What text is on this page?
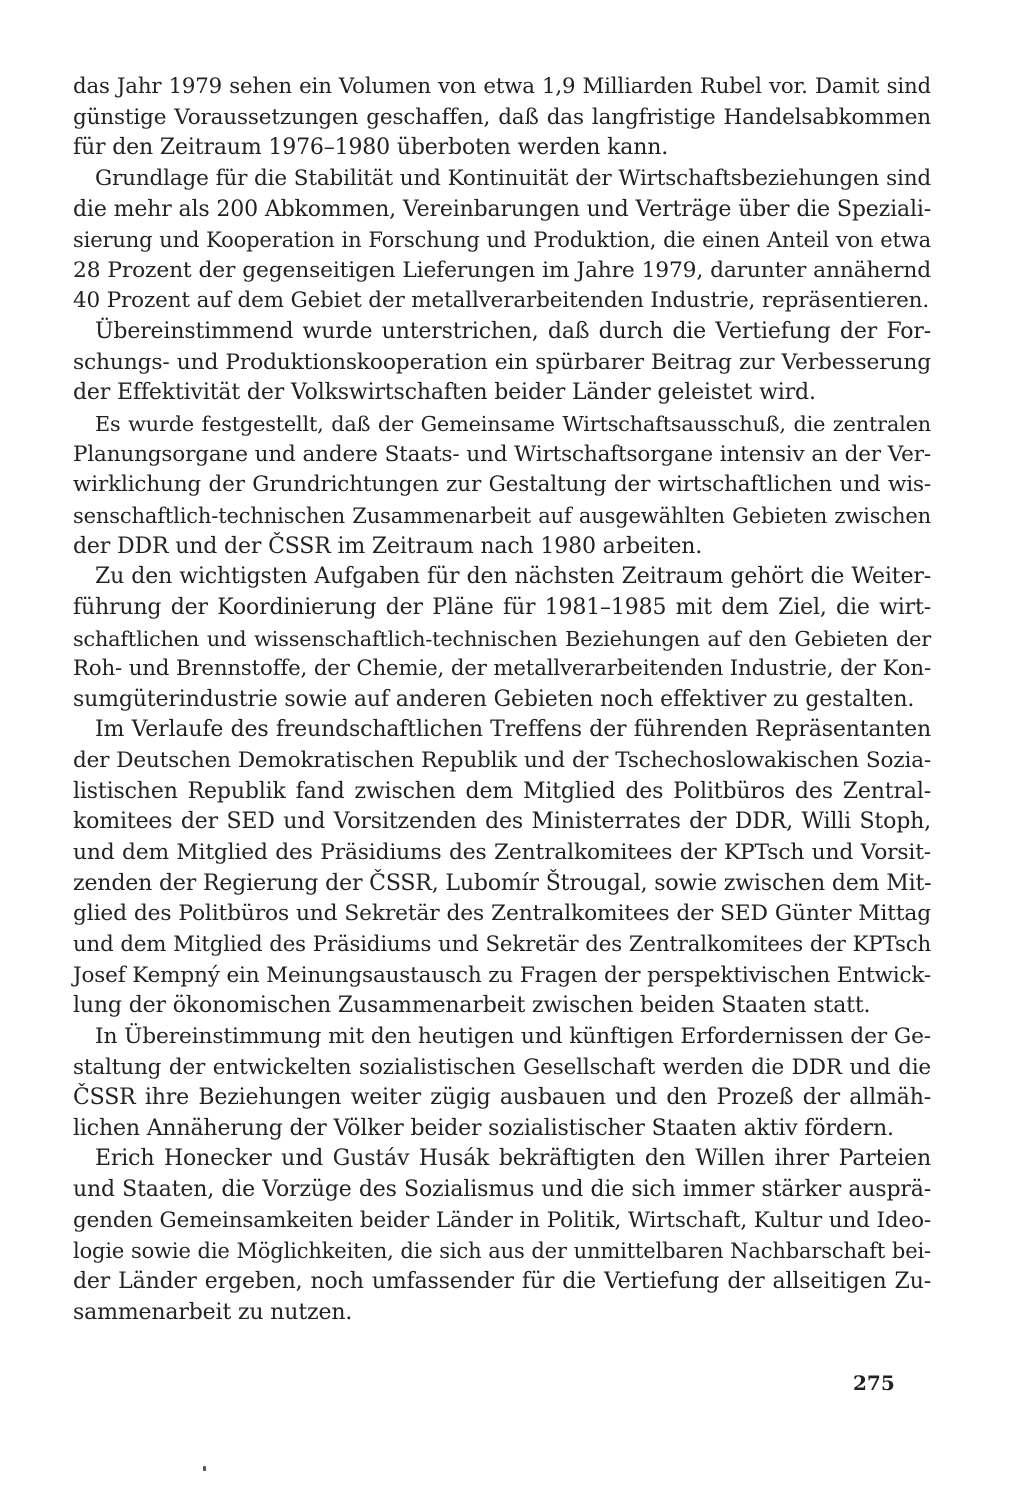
das Jahr 1979 sehen ein Volumen von etwa 1,9 Milliarden Rubel vor. Damit sind
günstige Voraussetzungen geschaffen, daß das langfristige Handelsabkommen
für den Zeitraum 1976–1980 überboten werden kann.
Grundlage für die Stabilität und Kontinuität der Wirtschaftsbeziehungen sind
die mehr als 200 Abkommen, Vereinbarungen und Verträge über die Speziali-
sierung und Kooperation in Forschung und Produktion, die einen Anteil von etwa
28 Prozent der gegenseitigen Lieferungen im Jahre 1979, darunter annähernd
40 Prozent auf dem Gebiet der metallverarbeitenden Industrie, repräsentieren.
Übereinstimmend wurde unterstrichen, daß durch die Vertiefung der For-
schungs- und Produktionskooperation ein spürbarer Beitrag zur Verbesserung
der Effektivität der Volkswirtschaften beider Länder geleistet wird.
Es wurde festgestellt, daß der Gemeinsame Wirtschaftsausschuß, die zentralen
Planungsorgane und andere Staats- und Wirtschaftsorgane intensiv an der Ver-
wirklichung der Grundrichtungen zur Gestaltung der wirtschaftlichen und wis-
senschaftlich-technischen Zusammenarbeit auf ausgewählten Gebieten zwischen
der DDR und der ČSSR im Zeitraum nach 1980 arbeiten.
Zu den wichtigsten Aufgaben für den nächsten Zeitraum gehört die Weiter-
führung der Koordinierung der Pläne für 1981–1985 mit dem Ziel, die wirt-
schaftlichen und wissenschaftlich-technischen Beziehungen auf den Gebieten der
Roh- und Brennstoffe, der Chemie, der metallverarbeitenden Industrie, der Kon-
sumgüterindustrie sowie auf anderen Gebieten noch effektiver zu gestalten.
Im Verlaufe des freundschaftlichen Treffens der führenden Repräsentanten
der Deutschen Demokratischen Republik und der Tschechoslowakischen Sozia-
listischen Republik fand zwischen dem Mitglied des Politbüros des Zentral-
komitees der SED und Vorsitzenden des Ministerrates der DDR, Willi Stoph,
und dem Mitglied des Präsidiums des Zentralkomitees der KPTsch und Vorsit-
zenden der Regierung der ČSSR, Lubomír Štrougal, sowie zwischen dem Mit-
glied des Politbüros und Sekretär des Zentralkomitees der SED Günter Mittag
und dem Mitglied des Präsidiums und Sekretär des Zentralkomitees der KPTsch
Josef Kempný ein Meinungsaustausch zu Fragen der perspektivischen Entwick-
lung der ökonomischen Zusammenarbeit zwischen beiden Staaten statt.
In Übereinstimmung mit den heutigen und künftigen Erfordernissen der Ge-
staltung der entwickelten sozialistischen Gesellschaft werden die DDR und die
ČSSR ihre Beziehungen weiter zügig ausbauen und den Prozeß der allmäh-
lichen Annäherung der Völker beider sozialistischer Staaten aktiv fördern.
Erich Honecker und Gustáv Husák bekräftigten den Willen ihrer Parteien
und Staaten, die Vorzüge des Sozialismus und die sich immer stärker ausprä-
genden Gemeinsamkeiten beider Länder in Politik, Wirtschaft, Kultur und Ideo-
logie sowie die Möglichkeiten, die sich aus der unmittelbaren Nachbarschaft bei-
der Länder ergeben, noch umfassender für die Vertiefung der allseitigen Zu-
sammenarbeit zu nutzen.
275
